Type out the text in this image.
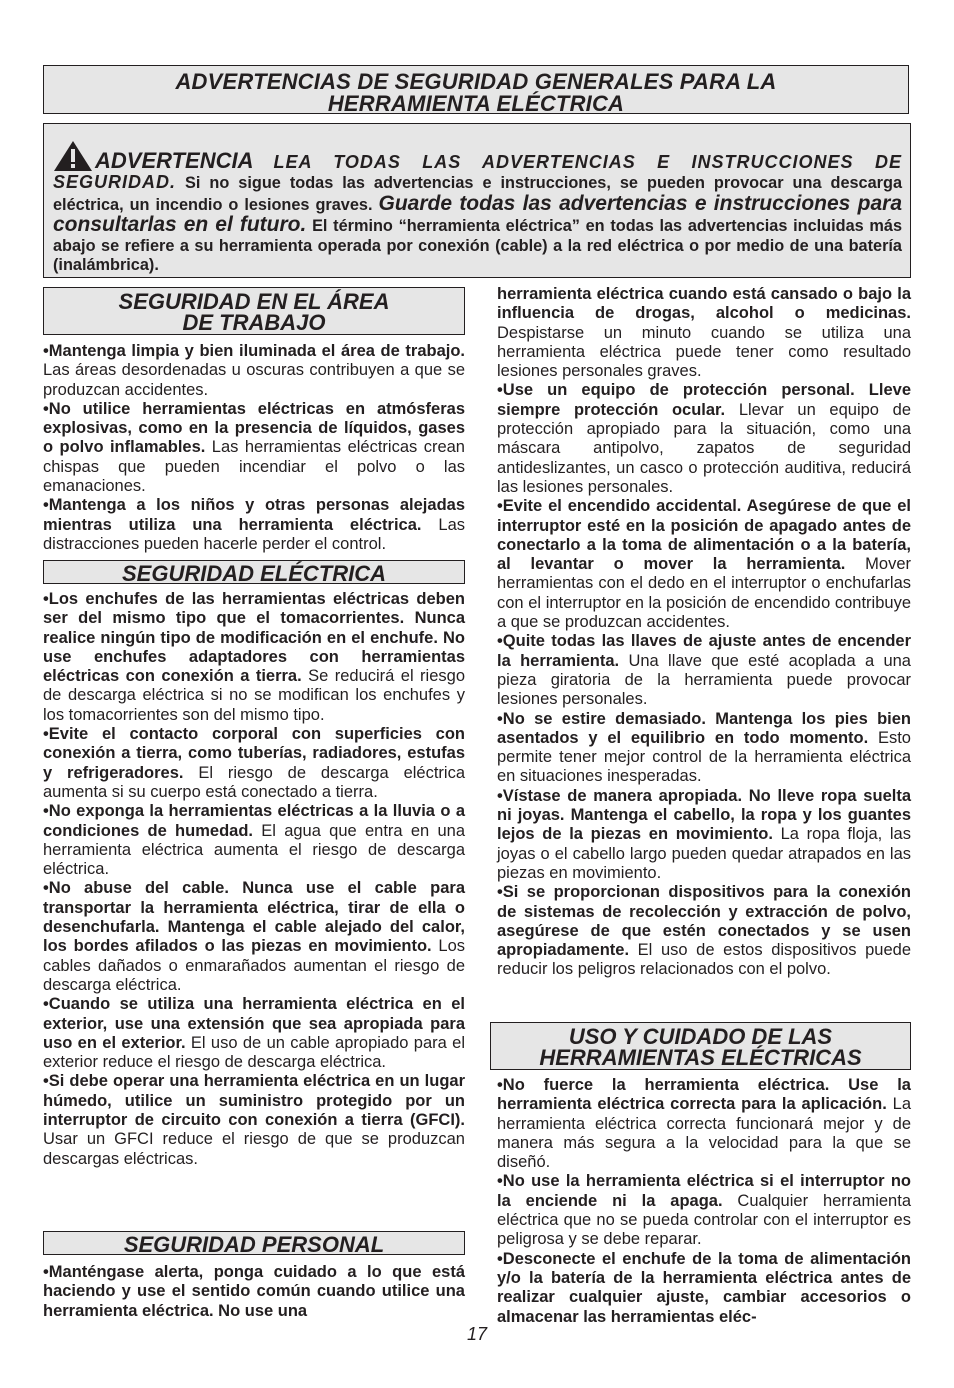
ADVERTENCIAS DE SEGURIDAD GENERALES PARA LA
HERRAMIENTA ELÉCTRICA
ADVERTENCIA LEA TODAS LAS ADVERTENCIAS E INSTRUCCIONES DE SEGURIDAD. Si no sigue todas las advertencias e instrucciones, se pueden provocar una descarga eléctrica, un incendio o lesiones graves. Guarde todas las advertencias e instrucciones para consultarlas en el futuro. El término “herramienta eléctrica” en todas las advertencias incluidas más abajo se refiere a su herramienta operada por conexión (cable) a la red eléctrica o por medio de una batería (inalámbrica).
SEGURIDAD EN EL ÁREA
DE TRABAJO
•Mantenga limpia y bien iluminada el área de trabajo. Las áreas desordenadas u oscuras contribuyen a que se produzcan accidentes.
•No utilice herramientas eléctricas en atmósferas explosivas, como en la presencia de líquidos, gases o polvo inflamables. Las herramientas eléctricas crean chispas que pueden incendiar el polvo o las emanaciones.
•Mantenga a los niños y otras personas alejadas mientras utiliza una herramienta eléctrica. Las distracciones pueden hacerle perder el control.
SEGURIDAD ELÉCTRICA
•Los enchufes de las herramientas eléctricas deben ser del mismo tipo que el tomacorrientes. Nunca realice ningún tipo de modificación en el enchufe. No use enchufes adaptadores con herramientas eléctricas con conexión a tierra. Se reducirá el riesgo de descarga eléctrica si no se modifican los enchufes y los tomacorrientes son del mismo tipo.
•Evite el contacto corporal con superficies con conexión a tierra, como tuberías, radiadores, estufas y refrigeradores. El riesgo de descarga eléctrica aumenta si su cuerpo está conectado a tierra.
•No exponga la herramientas eléctricas a la lluvia o a condiciones de humedad. El agua que entra en una herramienta eléctrica aumenta el riesgo de descarga eléctrica.
•No abuse del cable. Nunca use el cable para transportar la herramienta eléctrica, tirar de ella o desenchufarla. Mantenga el cable alejado del calor, los bordes afilados o las piezas en movimiento. Los cables dañados o enmarañados aumentan el riesgo de descarga eléctrica.
•Cuando se utiliza una herramienta eléctrica en el exterior, use una extensión que sea apropiada para uso en el exterior. El uso de un cable apropiado para el exterior reduce el riesgo de descarga eléctrica.
•Si debe operar una herramienta eléctrica en un lugar húmedo, utilice un suministro protegido por un interruptor de circuito con conexión a tierra (GFCI). Usar un GFCI reduce el riesgo de que se produzcan descargas eléctricas.
SEGURIDAD PERSONAL
•Manténgase alerta, ponga cuidado a lo que está haciendo y use el sentido común cuando utilice una herramienta eléctrica. No use una
herramienta eléctrica cuando está cansado o bajo la influencia de drogas, alcohol o medicinas. Despistarse un minuto cuando se utiliza una herramienta eléctrica puede tener como resultado lesiones personales graves.
•Use un equipo de protección personal. Lleve siempre protección ocular. Llevar un equipo de protección apropiado para la situación, como una máscara antipolvo, zapatos de seguridad antideslizantes, un casco o protección auditiva, reducirá las lesiones personales.
•Evite el encendido accidental. Asegúrese de que el interruptor esté en la posición de apagado antes de conectarlo a la toma de alimentación o a la batería, al levantar o mover la herramienta. Mover herramientas con el dedo en el interruptor o enchufarlas con el interruptor en la posición de encendido contribuye a que se produzcan accidentes.
•Quite todas las llaves de ajuste antes de encender la herramienta. Una llave que esté acoplada a una pieza giratoria de la herramienta puede provocar lesiones personales.
•No se estire demasiado. Mantenga los pies bien asentados y el equilibrio en todo momento. Esto permite tener mejor control de la herramienta eléctrica en situaciones inesperadas.
•Vístase de manera apropiada. No lleve ropa suelta ni joyas. Mantenga el cabello, la ropa y los guantes lejos de la piezas en movimiento. La ropa floja, las joyas o el cabello largo pueden quedar atrapados en las piezas en movimiento.
•Si se proporcionan dispositivos para la conexión de sistemas de recolección y extracción de polvo, asegúrese de que estén conectados y se usen apropiadamente. El uso de estos dispositivos puede reducir los peligros relacionados con el polvo.
USO Y CUIDADO DE LAS
HERRAMIENTAS ELÉCTRICAS
•No fuerce la herramienta eléctrica. Use la herramienta eléctrica correcta para la aplicación. La herramienta eléctrica correcta funcionará mejor y de manera más segura a la velocidad para la que se diseñó.
•No use la herramienta eléctrica si el interruptor no la enciende ni la apaga. Cualquier herramienta eléctrica que no se pueda controlar con el interruptor es peligrosa y se debe reparar.
•Desconecte el enchufe de la toma de alimentación y/o la batería de la herramienta eléctrica antes de realizar cualquier ajuste, cambiar accesorios o almacenar las herramientas eléc-
17
